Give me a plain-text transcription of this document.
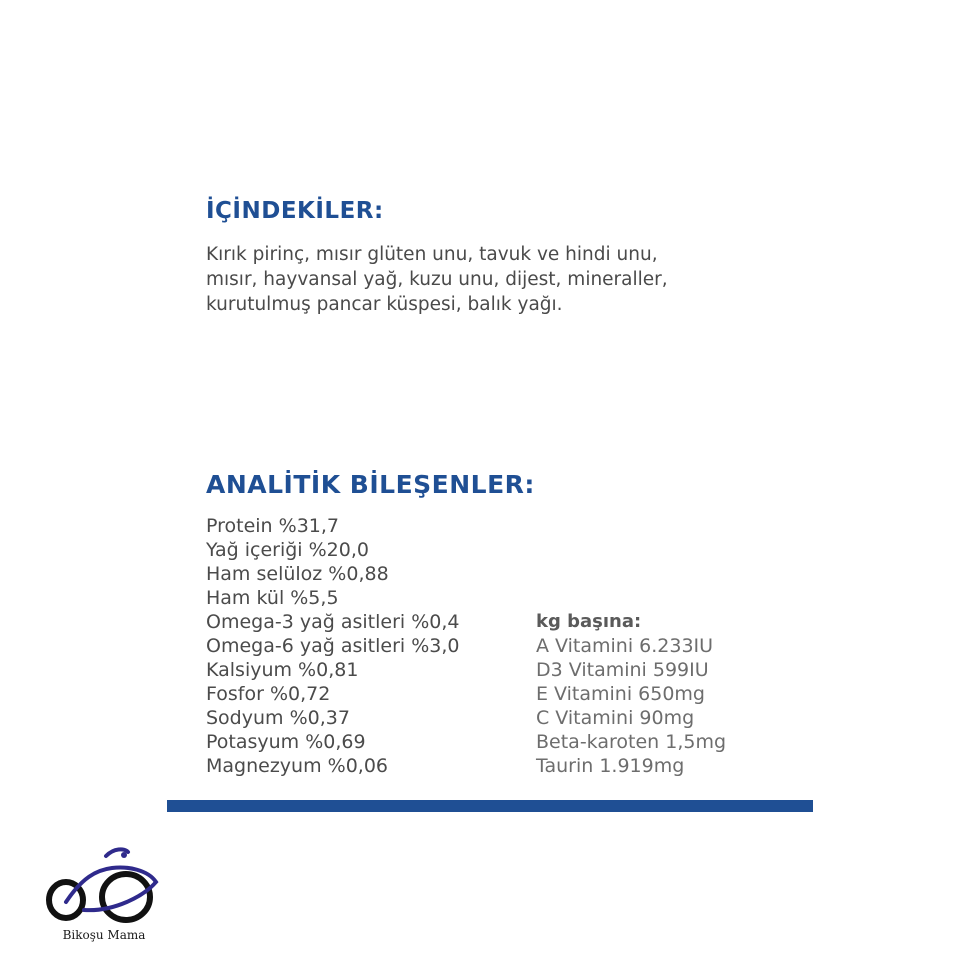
İÇİNDEKİLER:
Kırık pirinç, mısır glüten unu, tavuk ve hindi unu,
mısır, hayvansal yağ, kuzu unu, dijest, mineraller,
kurutulmuş pancar küspesi, balık yağı.
ANALİTİK BİLEŞENLER:
Protein %31,7
Yağ içeriği %20,0
Ham selüloz %0,88
Ham kül %5,5
Omega-3 yağ asitleri %0,4
Omega-6 yağ asitleri %3,0
Kalsiyum %0,81
Fosfor %0,72
Sodyum %0,37
Potasyum %0,69
Magnezyum %0,06
kg başına:
A Vitamini 6.233IU
D3 Vitamini 599IU
E Vitamini 650mg
C Vitamini 90mg
Beta-karoten 1,5mg
Taurin 1.919mg
Bikoşu Mama
